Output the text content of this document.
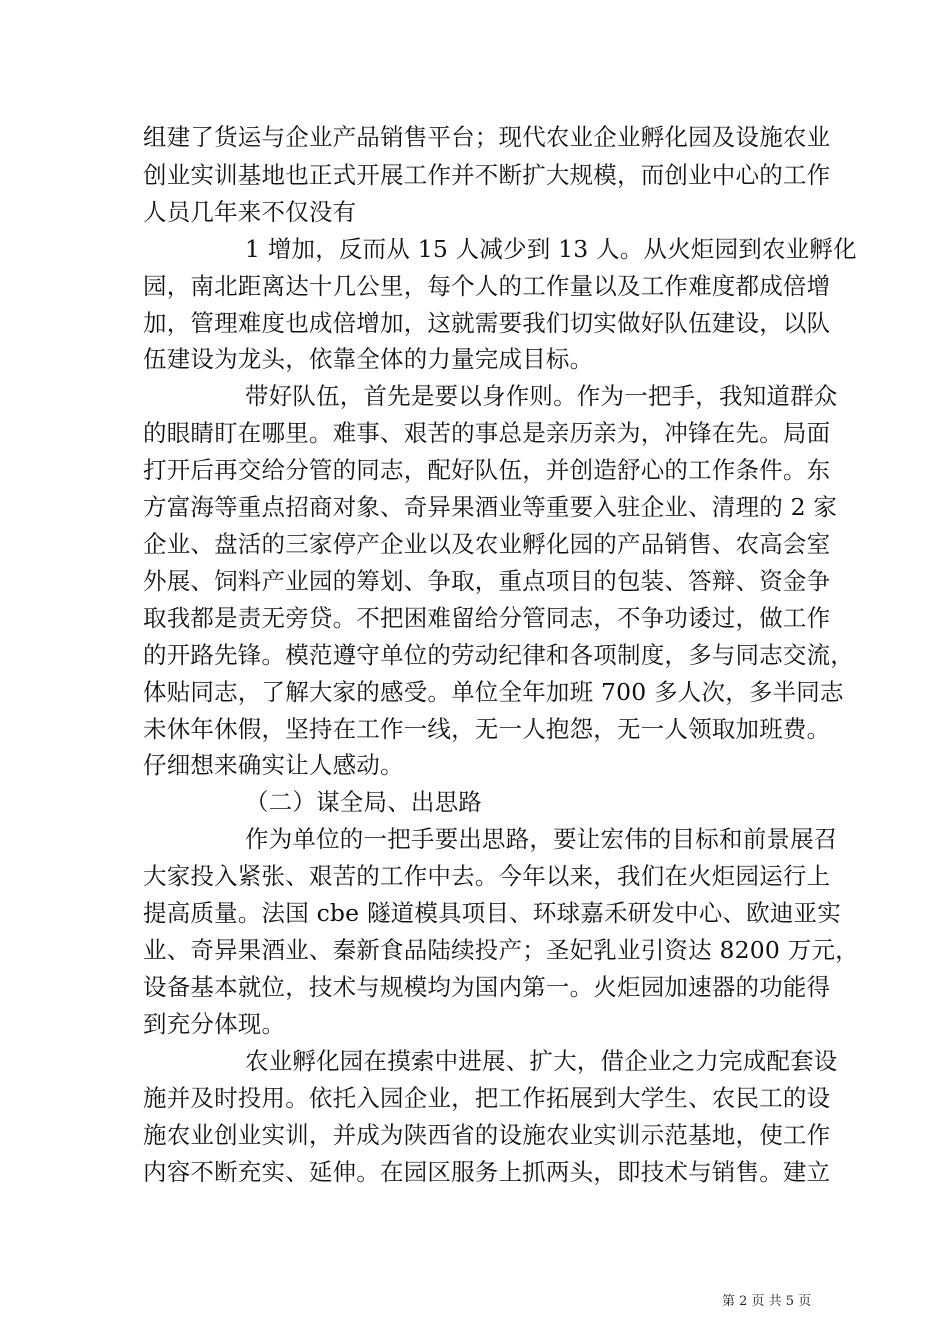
组建了货运与企业产品销售平台；现代农业企业孵化园及设施农业
创业实训基地也正式开展工作并不断扩大规模，而创业中心的工作
人员几年来不仅没有
1 增加，反而从 15 人减少到 13 人。从火炬园到农业孵化
园，南北距离达十几公里，每个人的工作量以及工作难度都成倍增
加，管理难度也成倍增加，这就需要我们切实做好队伍建设，以队
伍建设为龙头，依靠全体的力量完成目标。
带好队伍，首先是要以身作则。作为一把手，我知道群众
的眼睛盯在哪里。难事、艰苦的事总是亲历亲为，冲锋在先。局面
打开后再交给分管的同志，配好队伍，并创造舒心的工作条件。东
方富海等重点招商对象、奇异果酒业等重要入驻企业、清理的 2 家
企业、盘活的三家停产企业以及农业孵化园的产品销售、农高会室
外展、饲料产业园的筹划、争取，重点项目的包装、答辩、资金争
取我都是责无旁贷。不把困难留给分管同志，不争功诿过，做工作
的开路先锋。模范遵守单位的劳动纪律和各项制度，多与同志交流，
体贴同志，了解大家的感受。单位全年加班 700 多人次，多半同志
未休年休假，坚持在工作一线，无一人抱怨，无一人领取加班费。
仔细想来确实让人感动。
（二）谋全局、出思路
作为单位的一把手要出思路，要让宏伟的目标和前景展召
大家投入紧张、艰苦的工作中去。今年以来，我们在火炬园运行上
提高质量。法国 cbe 隧道模具项目、环球嘉禾研发中心、欧迪亚实
业、奇异果酒业、秦新食品陆续投产；圣妃乳业引资达 8200 万元，
设备基本就位，技术与规模均为国内第一。火炬园加速器的功能得
到充分体现。
农业孵化园在摸索中进展、扩大，借企业之力完成配套设
施并及时投用。依托入园企业，把工作拓展到大学生、农民工的设
施农业创业实训，并成为陕西省的设施农业实训示范基地，使工作
内容不断充实、延伸。在园区服务上抓两头，即技术与销售。建立
第 2 页 共 5 页
